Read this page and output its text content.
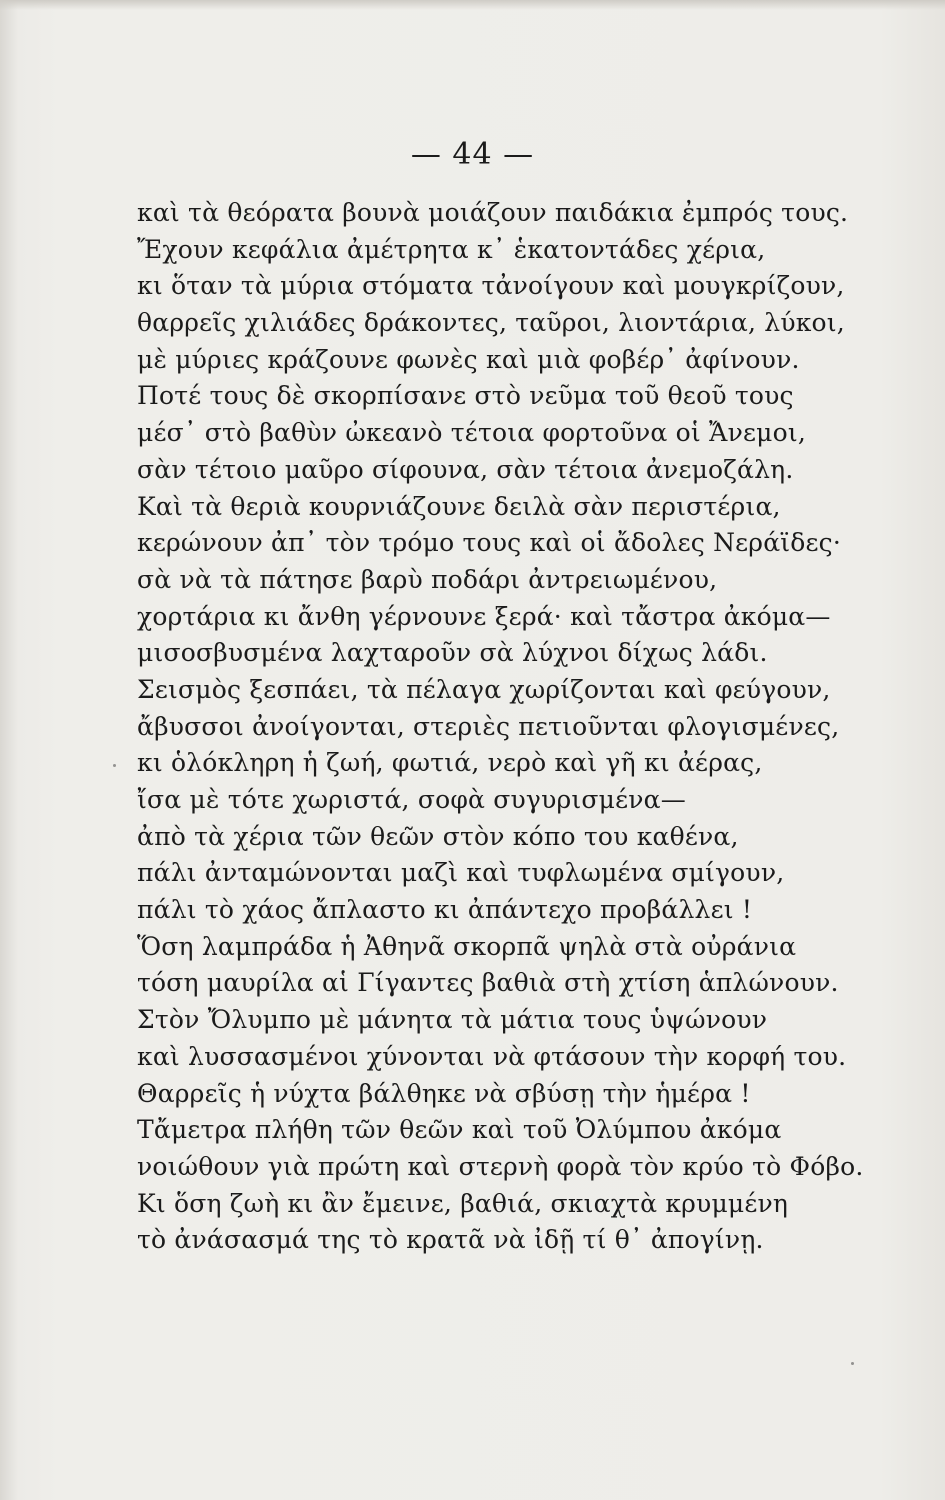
— 44 —
καὶ τὰ θεόρατα βουνὰ μοιάζουν παιδάκια ἐμπρός τους.
Ἔχουν κεφάλια ἀμέτρητα κ᾽ ἑκατοντάδες χέρια,
κι ὅταν τὰ μύρια στόματα τἀνοίγουν καὶ μουγκρίζουν,
θαρρεῖς χιλιάδες δράκοντες, ταῦροι, λιοντάρια, λύκοι,
μὲ μύριες κράζουνε φωνὲς καὶ μιὰ φοβέρ᾽ ἀφίνουν.
Ποτέ τους δὲ σκορπίσανε στὸ νεῦμα τοῦ θεοῦ τους
μέσ᾽ στὸ βαθὺν ὠκεανὸ τέτοια φορτοῦνα οἱ Ἄνεμοι,
σὰν τέτοιο μαῦρο σίφουνα, σὰν τέτοια ἀνεμοζάλη.
Καὶ τὰ θεριὰ κουρνιάζουνε δειλὰ σὰν περιστέρια,
κερώνουν ἀπ᾽ τὸν τρόμο τους καὶ οἱ ἄδολες Νεράϊδες·
σὰ νὰ τὰ πάτησε βαρὺ ποδάρι ἀντρειωμένου,
χορτάρια κι ἄνθη γέρνουνε ξερά· καὶ τἄστρα ἀκόμα—
μισοσβυσμένα λαχταροῦν σὰ λύχνοι δίχως λάδι.
Σεισμὸς ξεσπάει, τὰ πέλαγα χωρίζονται καὶ φεύγουν,
ἄβυσσοι ἀνοίγονται, στεριὲς πετιοῦνται φλογισμένες,
κι ὁλόκληρη ἡ ζωή, φωτιά, νερὸ καὶ γῆ κι ἀέρας,
ἴσα μὲ τότε χωριστά, σοφὰ συγυρισμένα—
ἀπὸ τὰ χέρια τῶν θεῶν στὸν κόπο του καθένα,
πάλι ἀνταμώνονται μαζὶ καὶ τυφλωμένα σμίγουν,
πάλι τὸ χάος ἄπλαστο κι ἀπάντεχο προβάλλει !
Ὅση λαμπράδα ἡ Ἀθηνᾶ σκορπᾶ ψηλὰ στὰ οὐράνια
τόση μαυρίλα αἱ Γίγαντες βαθιὰ στὴ χτίση ἁπλώνουν.
Στὸν Ὄλυμπο μὲ μάνητα τὰ μάτια τους ὑψώνουν
καὶ λυσσασμένοι χύνονται νὰ φτάσουν τὴν κορφή του.
Θαρρεῖς ἡ νύχτα βάλθηκε νὰ σβύσῃ τὴν ἡμέρα !
Τἄμετρα πλήθη τῶν θεῶν καὶ τοῦ Ὀλύμπου ἀκόμα
νοιώθουν γιὰ πρώτη καὶ στερνὴ φορὰ τὸν κρύο τὸ Φόβο.
Κι ὅση ζωὴ κι ἂν ἔμεινε, βαθιά, σκιαχτὰ κρυμμένη
τὸ ἀνάσασμά της τὸ κρατᾶ νὰ ἰδῇ τί θ᾽ ἀπογίνῃ.
